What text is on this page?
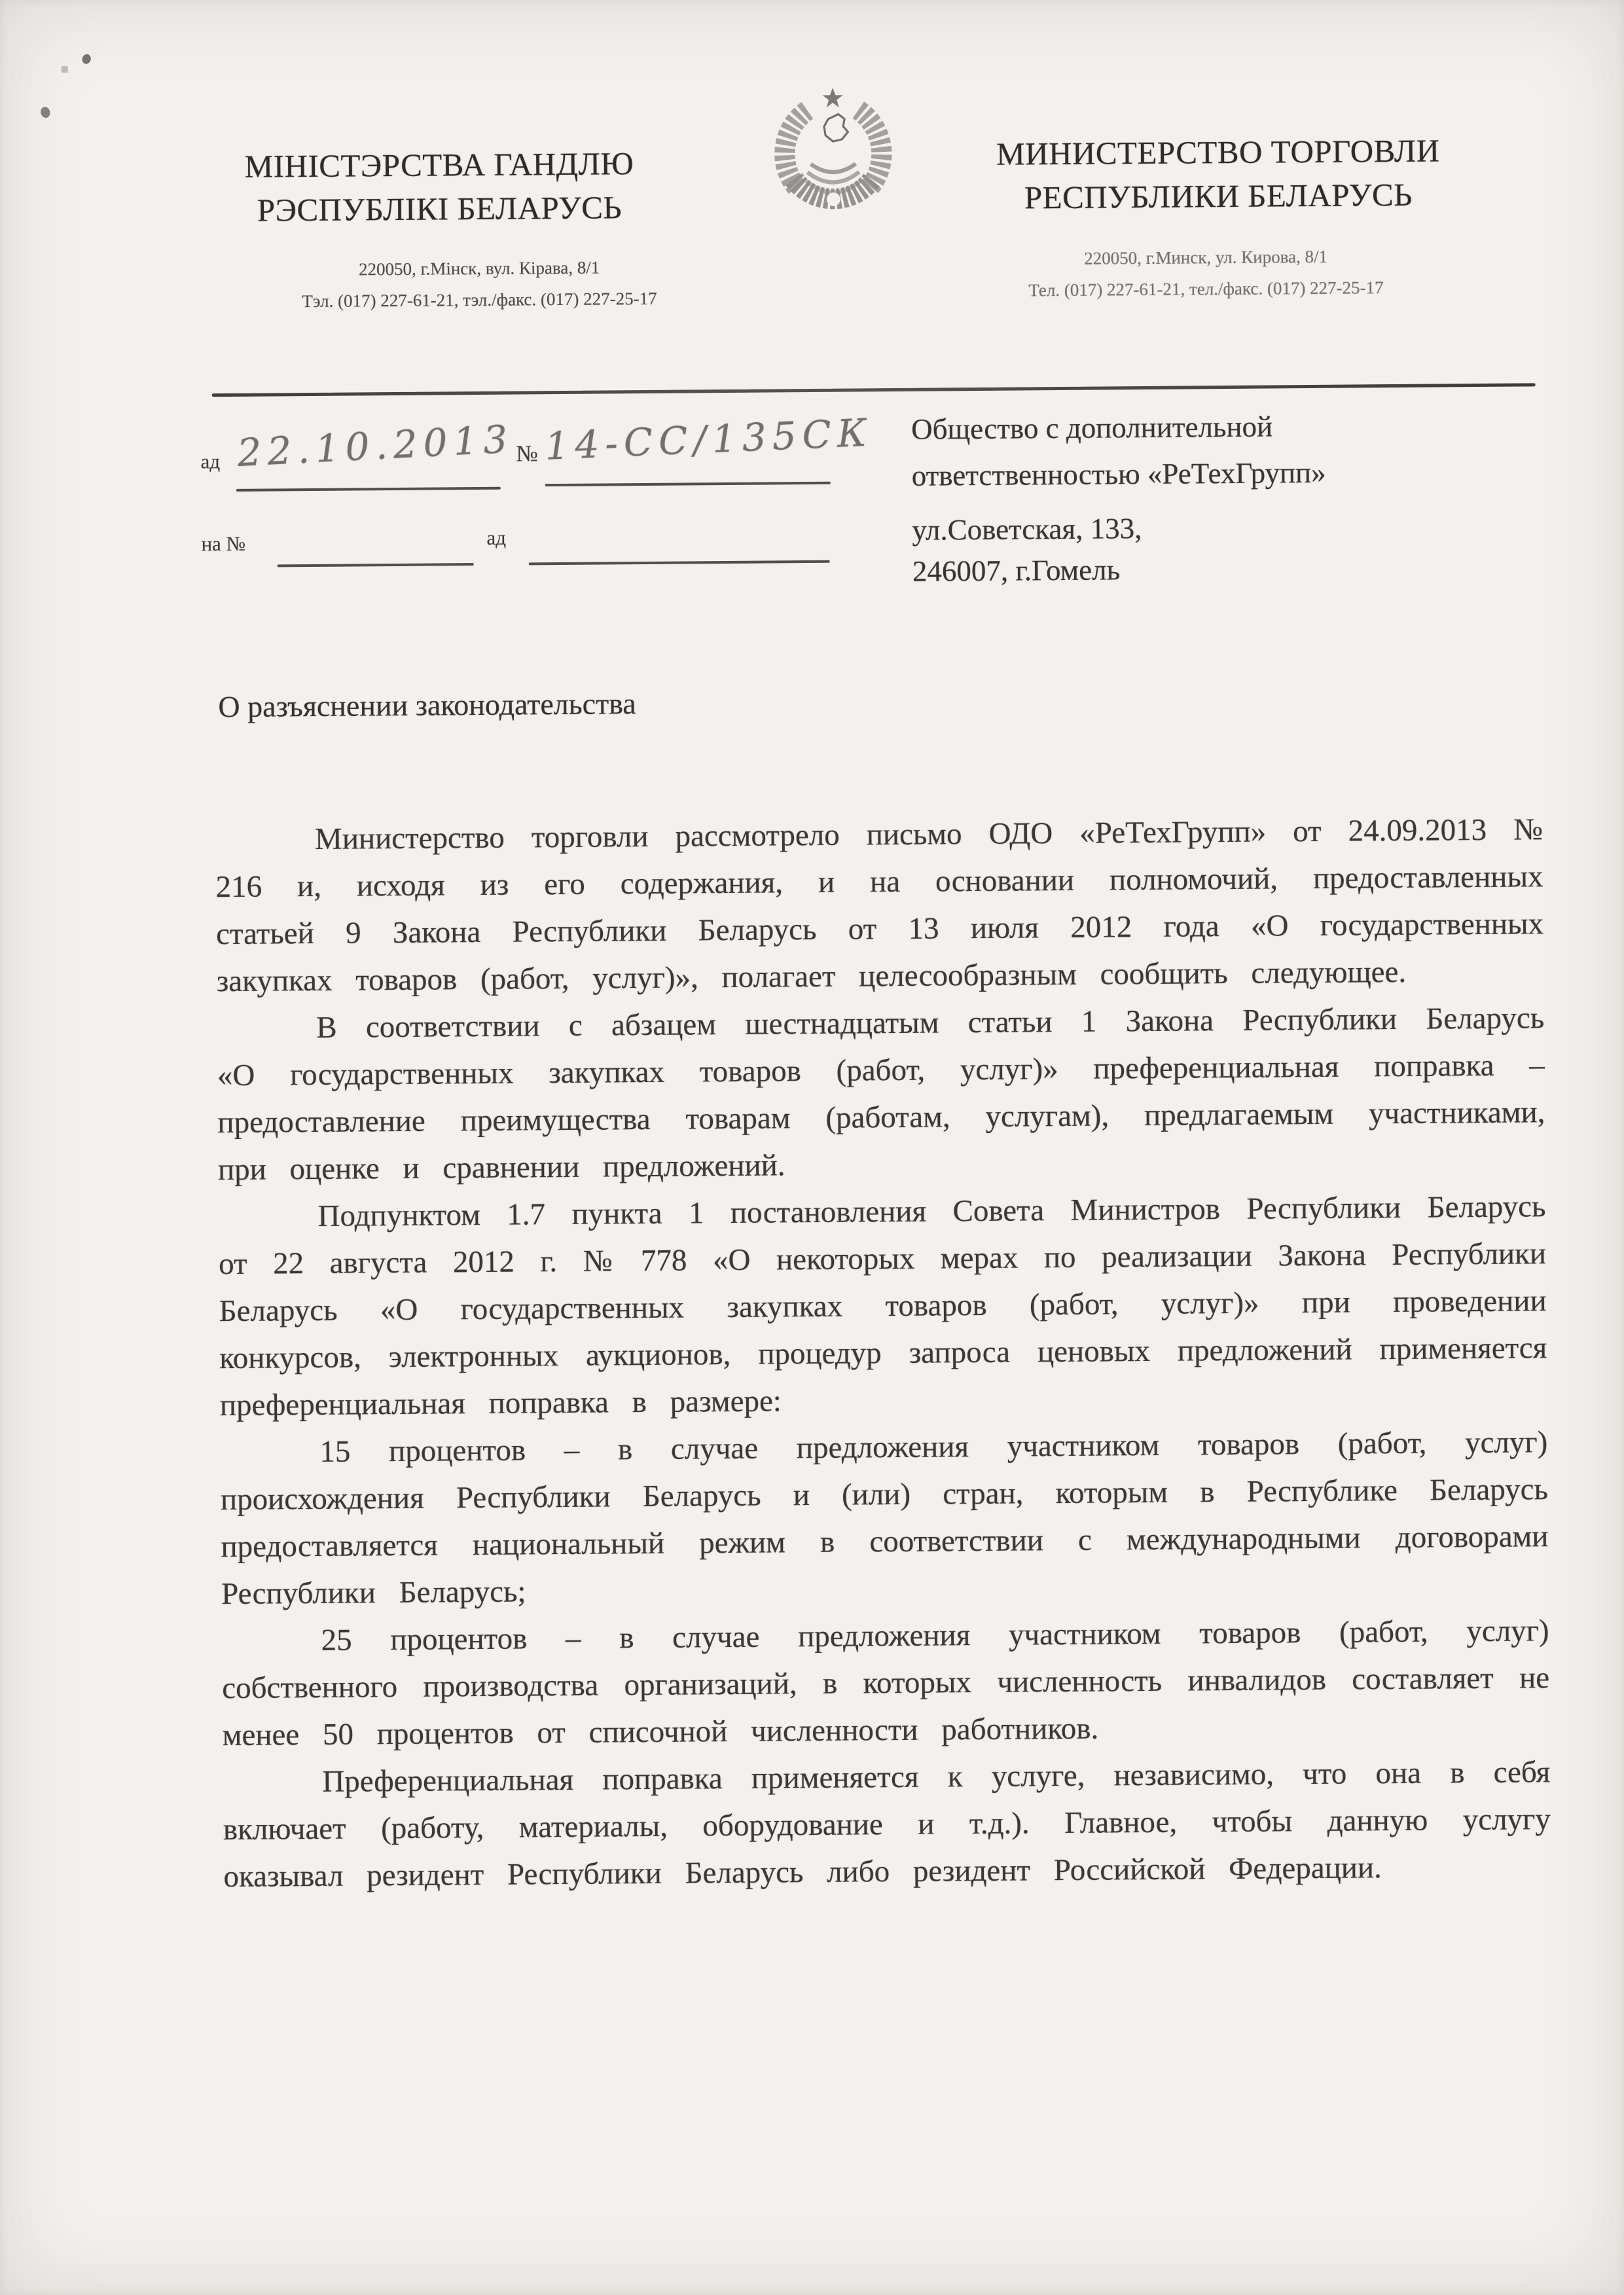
МІНІСТЭРСТВА ГАНДЛЮ
РЭСПУБЛІКІ БЕЛАРУСЬ
МИНИСТЕРСТВО ТОРГОВЛИ
РЕСПУБЛИКИ БЕЛАРУСЬ
220050, г.Мінск, вул. Кірава, 8/1
Тэл. (017) 227-61-21, тэл./факс. (017) 227-25-17
220050, г.Минск, ул. Кирова, 8/1
Тел. (017) 227-61-21, тел./факс. (017) 227-25-17
ад 22.10.2013 № 14-СС/135СК
на №	ад
Общество с дополнительной
ответственностью «РеТехГрупп»
ул.Советская, 133,
246007, г.Гомель
О разъяснении законодательства

Министерство торговли рассмотрело письмо ОДО «РеТехГрупп» от 24.09.2013 № 216 и, исходя из его содержания, и на основании полномочий, предоставленных статьей 9 Закона Республики Беларусь от 13 июля 2012 года «О государственных закупках товаров (работ, услуг)», полагает целесообразным сообщить следующее.

В соответствии с абзацем шестнадцатым статьи 1 Закона Республики Беларусь «О государственных закупках товаров (работ, услуг)» преференциальная поправка – предоставление преимущества товарам (работам, услугам), предлагаемым участниками, при оценке и сравнении предложений.

Подпунктом 1.7 пункта 1 постановления Совета Министров Республики Беларусь от 22 августа 2012 г. № 778 «О некоторых мерах по реализации Закона Республики Беларусь «О государственных закупках товаров (работ, услуг)» при проведении конкурсов, электронных аукционов, процедур запроса ценовых предложений применяется преференциальная поправка в размере:

15 процентов – в случае предложения участником товаров (работ, услуг) происхождения Республики Беларусь и (или) стран, которым в Республике Беларусь предоставляется национальный режим в соответствии с международными договорами Республики Беларусь;

25 процентов – в случае предложения участником товаров (работ, услуг) собственного производства организаций, в которых численность инвалидов составляет не менее 50 процентов от списочной численности работников.

Преференциальная поправка применяется к услуге, независимо, что она в себя включает (работу, материалы, оборудование и т.д.). Главное, чтобы данную услугу оказывал резидент Республики Беларусь либо резидент Российской Федерации.
